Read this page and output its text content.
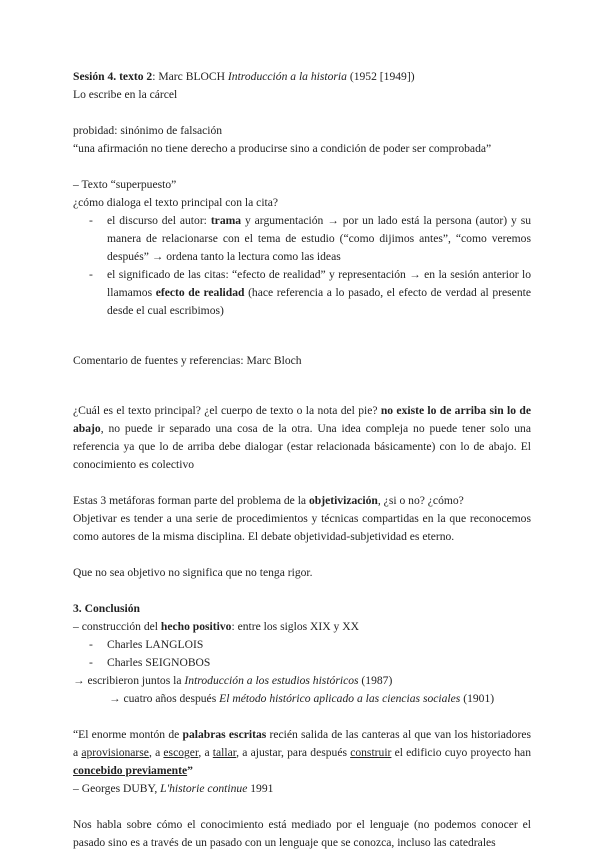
Sesión 4. texto 2: Marc BLOCH Introducción a la historia (1952 [1949])

Lo escribe en la cárcel

probidad: sinónimo de falsación

“una afirmación no tiene derecho a producirse sino a condición de poder ser comprobada”

– Texto “superpuesto”

¿cómo dialoga el texto principal con la cita?

-	el discurso del autor: trama y argumentación → por un lado está la persona (autor) y su manera de relacionarse con el tema de estudio (“como dijimos antes”, “como veremos después” → ordena tanto la lectura como las ideas
-	el significado de las citas: “efecto de realidad” y representación → en la sesión anterior lo llamamos efecto de realidad (hace referencia a lo pasado, el efecto de verdad al presente desde el cual escribimos)

Comentario de fuentes y referencias: Marc Bloch

¿Cuál es el texto principal? ¿el cuerpo de texto o la nota del pie? no existe lo de arriba sin lo de abajo, no puede ir separado una cosa de la otra. Una idea compleja no puede tener solo una referencia ya que lo de arriba debe dialogar (estar relacionada básicamente) con lo de abajo. El conocimiento es colectivo

Estas 3 metáforas forman parte del problema de la objetivización, ¿si o no? ¿cómo?

Objetivar es tender a una serie de procedimientos y técnicas compartidas en la que reconocemos como autores de la misma disciplina. El debate objetividad-subjetividad es eterno.

Que no sea objetivo no significa que no tenga rigor.

3. Conclusión

– construcción del hecho positivo: entre los siglos XIX y XX

-	Charles LANGLOIS
-	Charles SEIGNOBOS

→ escribieron juntos la Introducción a los estudios históricos (1987)

→ cuatro años después El método histórico aplicado a las ciencias sociales (1901)

“El enorme montón de palabras escritas recién salida de las canteras al que van los historiadores a aprovisionarse, a escoger, a tallar, a ajustar, para después construir el edificio cuyo proyecto han concebido previamente”

– Georges DUBY, L'historie continue 1991

Nos habla sobre cómo el conocimiento está mediado por el lenguaje (no podemos conocer el pasado sino es a través de un pasado con un lenguaje que se conozca, incluso las catedrales
